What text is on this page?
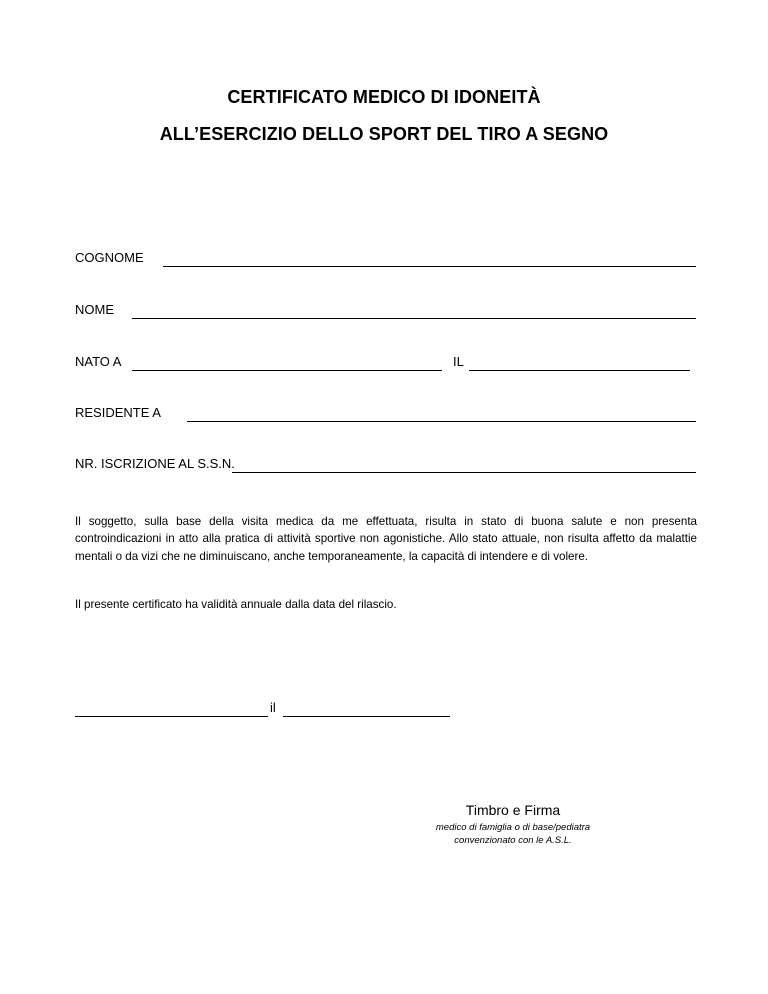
CERTIFICATO MEDICO DI IDONEITÀ
ALL’ESERCIZIO DELLO SPORT DEL TIRO A SEGNO
COGNOME
NOME
NATO A	IL
RESIDENTE A
NR. ISCRIZIONE AL S.S.N.
Il soggetto, sulla base della visita medica da me effettuata, risulta in stato di buona salute e non presenta controindicazioni in atto alla pratica di attività sportive non agonistiche. Allo stato attuale, non risulta affetto da malattie mentali o da vizi che ne diminuiscano, anche temporaneamente, la capacità di intendere e di volere.
Il presente certificato ha validità annuale dalla data del rilascio.
il
Timbro e Firma
medico di famiglia o di base/pediatra
convenzionato con le A.S.L.
